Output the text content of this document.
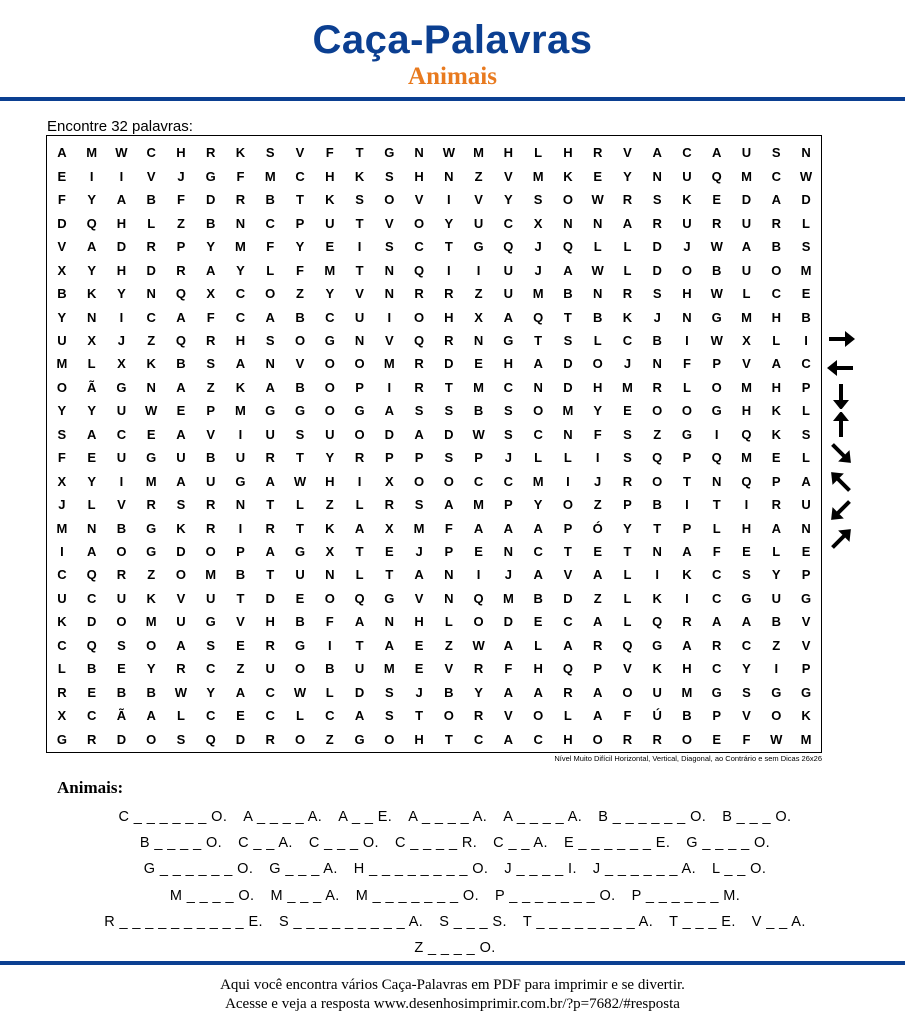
Caça-Palavras
Animais
Encontre 32 palavras:
A	M	W	C	H	R	K	S	V	F	T	G	N	W	M	H	L	H	R	V	A	C	A	U	S	N
E	I	I	V	J	G	F	M	C	H	K	S	H	N	Z	V	M	K	E	Y	N	U	Q	M	C	W
F	Y	A	B	F	D	R	B	T	K	S	O	V	I	V	Y	S	O	W	R	S	K	E	D	A	D
D	Q	H	L	Z	B	N	C	P	U	T	V	O	Y	U	C	X	N	N	A	R	U	R	U	R	L
V	A	D	R	P	Y	M	F	Y	E	I	S	C	T	G	Q	J	Q	L	L	D	J	W	A	B	S
X	Y	H	D	R	A	Y	L	F	M	T	N	Q	I	I	U	J	A	W	L	D	O	B	U	O	M
B	K	Y	N	Q	X	C	O	Z	Y	V	N	R	R	Z	U	M	B	N	R	S	H	W	L	C	E
Y	N	I	C	A	F	C	A	B	C	U	I	O	H	X	A	Q	T	B	K	J	N	G	M	H	B
U	X	J	Z	Q	R	H	S	O	G	N	V	Q	R	N	G	T	S	L	C	B	I	W	X	L	I
M	L	X	K	B	S	A	N	V	O	O	M	R	D	E	H	A	D	O	J	N	F	P	V	A	C
O	Ã	G	N	A	Z	K	A	B	O	P	I	R	T	M	C	N	D	H	M	R	L	O	M	H	P
Y	Y	U	W	E	P	M	G	G	O	G	A	S	S	B	S	O	M	Y	E	O	O	G	H	K	L
S	A	C	E	A	V	I	U	S	U	O	D	A	D	W	S	C	N	F	S	Z	G	I	Q	K	S
F	E	U	G	U	B	U	R	T	Y	R	P	P	S	P	J	L	L	I	S	Q	P	Q	M	E	L
X	Y	I	M	A	U	G	A	W	H	I	X	O	O	C	C	M	I	J	R	O	T	N	Q	P	A
J	L	V	R	S	R	N	T	L	Z	L	R	S	A	M	P	Y	O	Z	P	B	I	T	I	R	U
M	N	B	G	K	R	I	R	T	K	A	X	M	F	A	A	A	P	Ó	Y	T	P	L	H	A	N
I	A	O	G	D	O	P	A	G	X	T	E	J	P	E	N	C	T	E	T	N	A	F	E	L	E
C	Q	R	Z	O	M	B	T	U	N	L	T	A	N	I	J	A	V	A	L	I	K	C	S	Y	P
U	C	U	K	V	U	T	D	E	O	Q	G	V	N	Q	M	B	D	Z	L	K	I	C	G	U	G
K	D	O	M	U	G	V	H	B	F	A	N	H	L	O	D	E	C	A	L	Q	R	A	A	B	V
C	Q	S	O	A	S	E	R	G	I	T	A	E	Z	W	A	L	A	R	Q	G	A	R	C	Z	V
L	B	E	Y	R	C	Z	U	O	B	U	M	E	V	R	F	H	Q	P	V	K	H	C	Y	I	P
R	E	B	B	W	Y	A	C	W	L	D	S	J	B	Y	A	A	R	A	O	U	M	G	S	G	G
X	C	Ã	A	L	C	E	C	L	C	A	S	T	O	R	V	O	L	A	F	Ú	B	P	V	O	K
G	R	D	O	S	Q	D	R	O	Z	G	O	H	T	C	A	C	H	O	R	R	O	E	F	W	M
Nível Muito Difícil Horizontal, Vertical, Diagonal, ao Contrário e sem Dicas 26x26
Animais:
C _ _ _ _ _ _ O. A _ _ _ _ A. A _ _ E. A _ _ _ _ A. A _ _ _ _ A. B _ _ _ _ _ _ O. B _ _ _ O.
B _ _ _ _ O. C _ _ A. C _ _ _ O. C _ _ _ _ R. C _ _ A. E _ _ _ _ _ _ E. G _ _ _ _ O.
G _ _ _ _ _ _ O. G _ _ _ A. H _ _ _ _ _ _ _ _ O. J _ _ _ _ I. J _ _ _ _ _ _ A. L _ _ O.
M _ _ _ _ O. M _ _ _ A. M _ _ _ _ _ _ _ O. P _ _ _ _ _ _ _ O. P _ _ _ _ _ _ M.
R _ _ _ _ _ _ _ _ _ _ E. S _ _ _ _ _ _ _ _ _ A. S _ _ _ S. T _ _ _ _ _ _ _ _ A. T _ _ _ E. V _ _ A.
Z _ _ _ _ O.
Aqui você encontra vários Caça-Palavras em PDF para imprimir e se divertir.
Acesse e veja a resposta www.desenhosimprimir.com.br/?p=7682/#resposta
